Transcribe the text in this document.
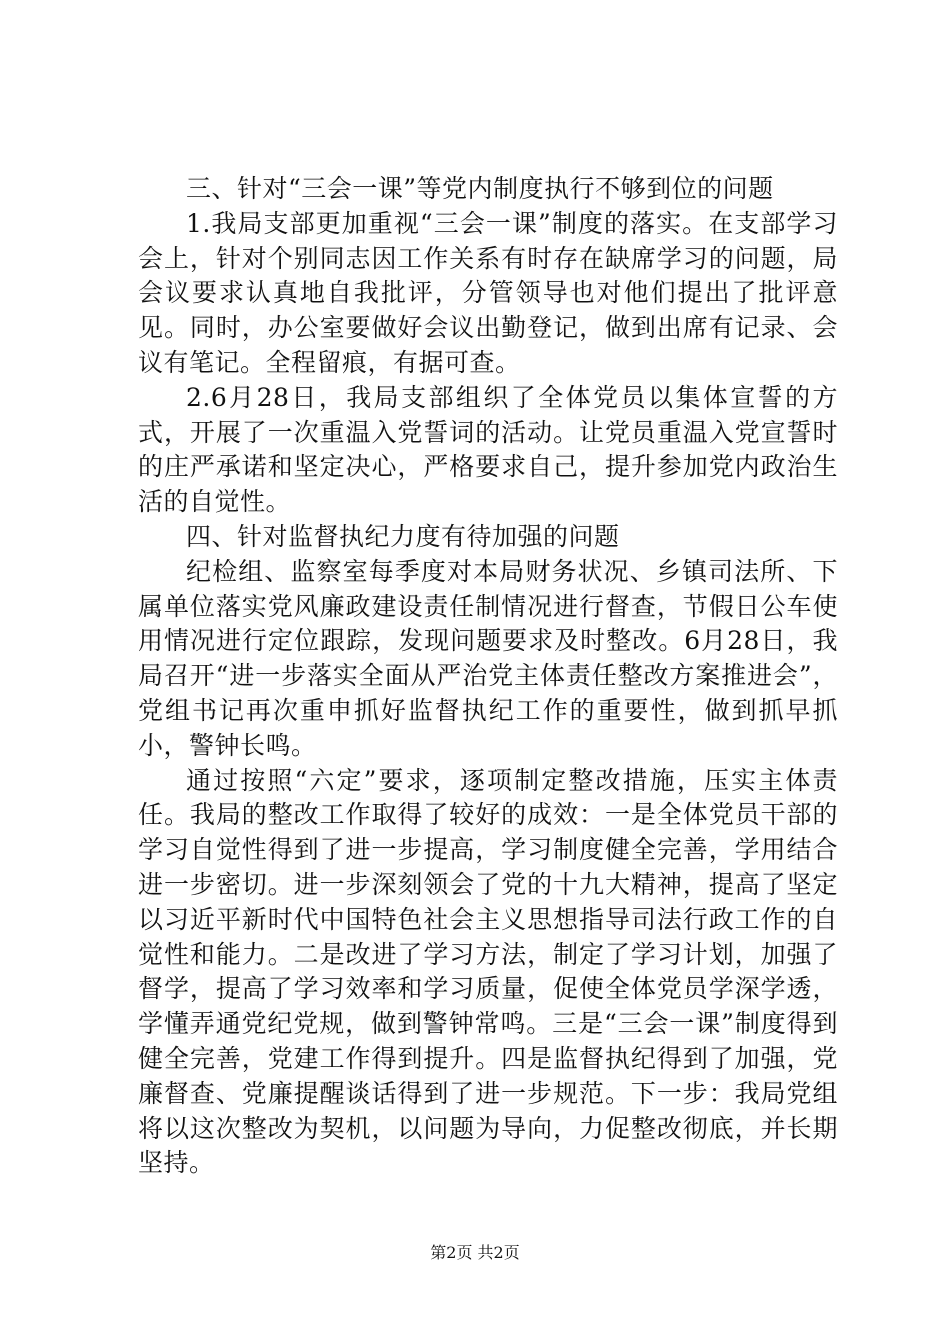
三、针对“三会一课”等党内制度执行不够到位的问题

1.我局支部更加重视“三会一课”制度的落实。在支部学习会上，针对个别同志因工作关系有时存在缺席学习的问题，局会议要求认真地自我批评，分管领导也对他们提出了批评意见。同时，办公室要做好会议出勤登记，做到出席有记录、会议有笔记。全程留痕，有据可查。

2.6月28日，我局支部组织了全体党员以集体宣誓的方式，开展了一次重温入党誓词的活动。让党员重温入党宣誓时的庄严承诺和坚定决心，严格要求自己，提升参加党内政治生活的自觉性。

四、针对监督执纪力度有待加强的问题

纪检组、监察室每季度对本局财务状况、乡镇司法所、下属单位落实党风廉政建设责任制情况进行督查，节假日公车使用情况进行定位跟踪，发现问题要求及时整改。6月28日，我局召开“进一步落实全面从严治党主体责任整改方案推进会”，党组书记再次重申抓好监督执纪工作的重要性，做到抓早抓小，警钟长鸣。

通过按照“六定”要求，逐项制定整改措施，压实主体责任。我局的整改工作取得了较好的成效：一是全体党员干部的学习自觉性得到了进一步提高，学习制度健全完善，学用结合进一步密切。进一步深刻领会了党的十九大精神，提高了坚定以习近平新时代中国特色社会主义思想指导司法行政工作的自觉性和能力。二是改进了学习方法，制定了学习计划，加强了督学，提高了学习效率和学习质量，促使全体党员学深学透，学懂弄通党纪党规，做到警钟常鸣。三是“三会一课”制度得到健全完善，党建工作得到提升。四是监督执纪得到了加强，党廉督查、党廉提醒谈话得到了进一步规范。下一步：我局党组将以这次整改为契机，以问题为导向，力促整改彻底，并长期坚持。

第2页 共2页
